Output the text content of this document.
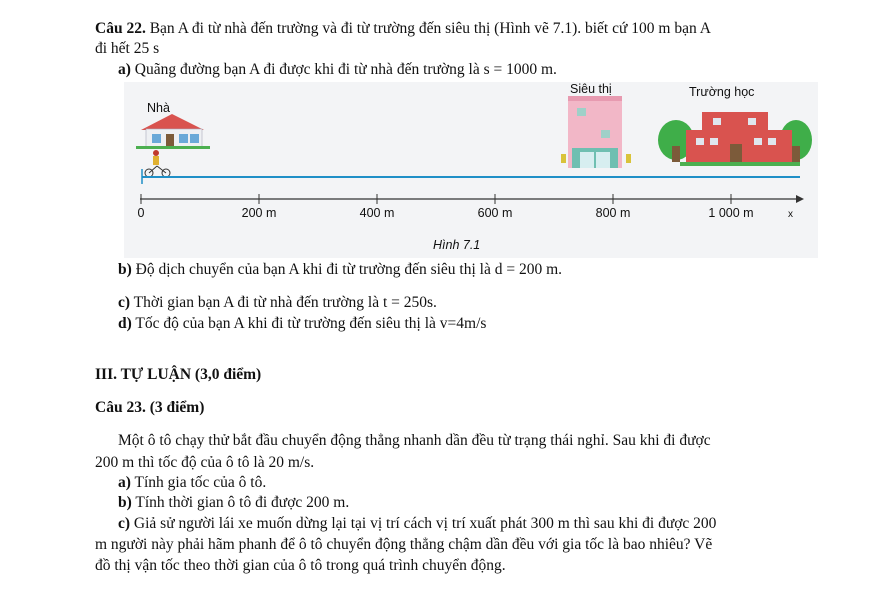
Câu 22. Bạn A đi từ nhà đến trường và đi từ trường đến siêu thị (Hình vẽ 7.1). biết cứ 100 m bạn A
đi hết 25 s
a) Quãng đường bạn A đi được khi đi từ nhà đến trường là s = 1000 m.
Nhà
Siêu thị	Trường học
0	200 m	400 m	600 m	800 m	1 000 m	x
Hình 7.1
b) Độ dịch chuyển của bạn A khi đi từ trường đến siêu thị là d = 200 m.
c) Thời gian bạn A đi từ nhà đến trường là t = 250s.
d) Tốc độ của bạn A khi đi từ trường đến siêu thị là v=4m/s
III. TỰ LUẬN (3,0 điểm)
Câu 23. (3 điểm)
Một ô tô chạy thử bắt đầu chuyển động thẳng nhanh dần đều từ trạng thái nghỉ. Sau khi đi được
200 m thì tốc độ của ô tô là 20 m/s.
a) Tính gia tốc của ô tô.
b) Tính thời gian ô tô đi được 200 m.
c) Giả sử người lái xe muốn dừng lại tại vị trí cách vị trí xuất phát 300 m thì sau khi đi được 200
m người này phải hãm phanh để ô tô chuyển động thẳng chậm dần đều với gia tốc là bao nhiêu? Vẽ
đồ thị vận tốc theo thời gian của ô tô trong quá trình chuyển động.
